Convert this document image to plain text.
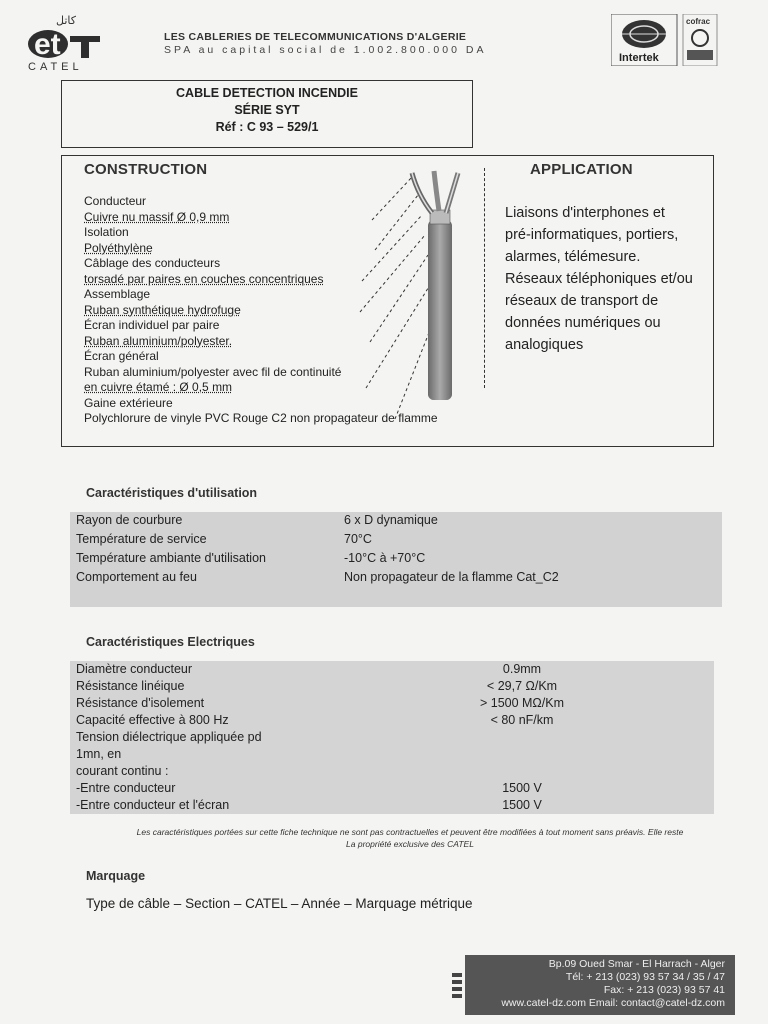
كاتل
et
CATEL
LES CABLERIES DE TELECOMMUNICATIONS D'ALGERIE
SPA au capital social de 1.002.800.000 DA
Intertek
cofrac
CABLE DETECTION INCENDIE
SÉRIE SYT
Réf : C 93 – 529/1
CONSTRUCTION
Conducteur
Cuivre nu massif Ø 0,9 mm
Isolation
Polyéthylène
Câblage des conducteurs
torsadé par paires en couches concentriques
Assemblage
Ruban synthétique hydrofuge
Écran individuel par paire
Ruban aluminium/polyester.
Écran général
Ruban aluminium/polyester avec fil de continuité
en cuivre étamé : Ø 0,5 mm
Gaine extérieure
Polychlorure de vinyle PVC Rouge C2 non propagateur de flamme
APPLICATION
Liaisons d'interphones et
pré-informatiques, portiers,
alarmes, télémesure.
Réseaux téléphoniques et/ou
réseaux de transport de
données numériques ou
analogiques
Caractéristiques d'utilisation
Rayon de courbure	6 x D dynamique
Température de service	70°C
Température ambiante d'utilisation	-10°C à +70°C
Comportement au feu	Non propagateur de la flamme Cat_C2

Caractéristiques Electriques
Diamètre conducteur	0.9mm
Résistance linéique	< 29,7 Ω/Km
Résistance d'isolement	> 1500 MΩ/Km
Capacité effective à 800 Hz	< 80 nF/km
Tension diélectrique appliquée pd 1mn, en	
courant continu :	
-Entre conducteur	1500 V
-Entre conducteur et l'écran	1500 V
Les caractéristiques portées sur cette fiche technique ne sont pas contractuelles et peuvent être modifiées à tout moment sans préavis. Elle reste
La propriété exclusive des CATEL
Marquage
Type de câble – Section – CATEL – Année – Marquage métrique
Bp.09 Oued Smar - El Harrach - Alger
Tél: + 213 (023) 93 57 34 / 35 / 47
Fax: + 213 (023) 93 57 41
www.catel-dz.com Email: contact@catel-dz.com
